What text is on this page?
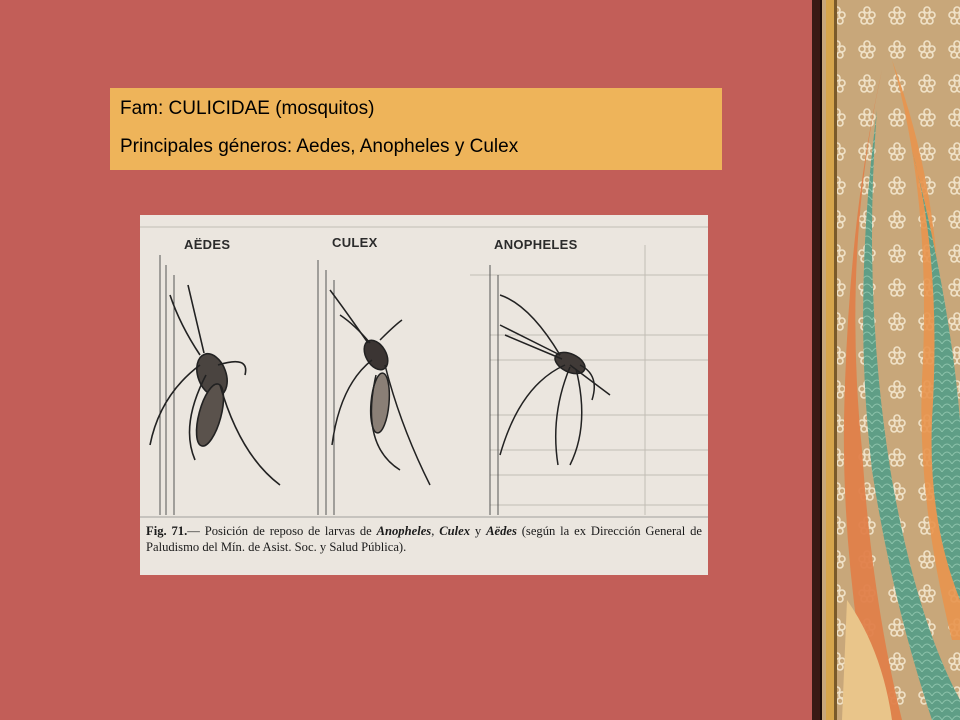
Fam: CULICIDAE (mosquitos)
Principales géneros: Aedes, Anopheles y Culex
AËDES	CULEX	ANOPHELES
Fig. 71.— Posición de reposo de larvas de Anopheles, Culex y Aëdes (según la ex Dirección General de Paludismo del Mín. de Asist. Soc. y Salud Pública).
